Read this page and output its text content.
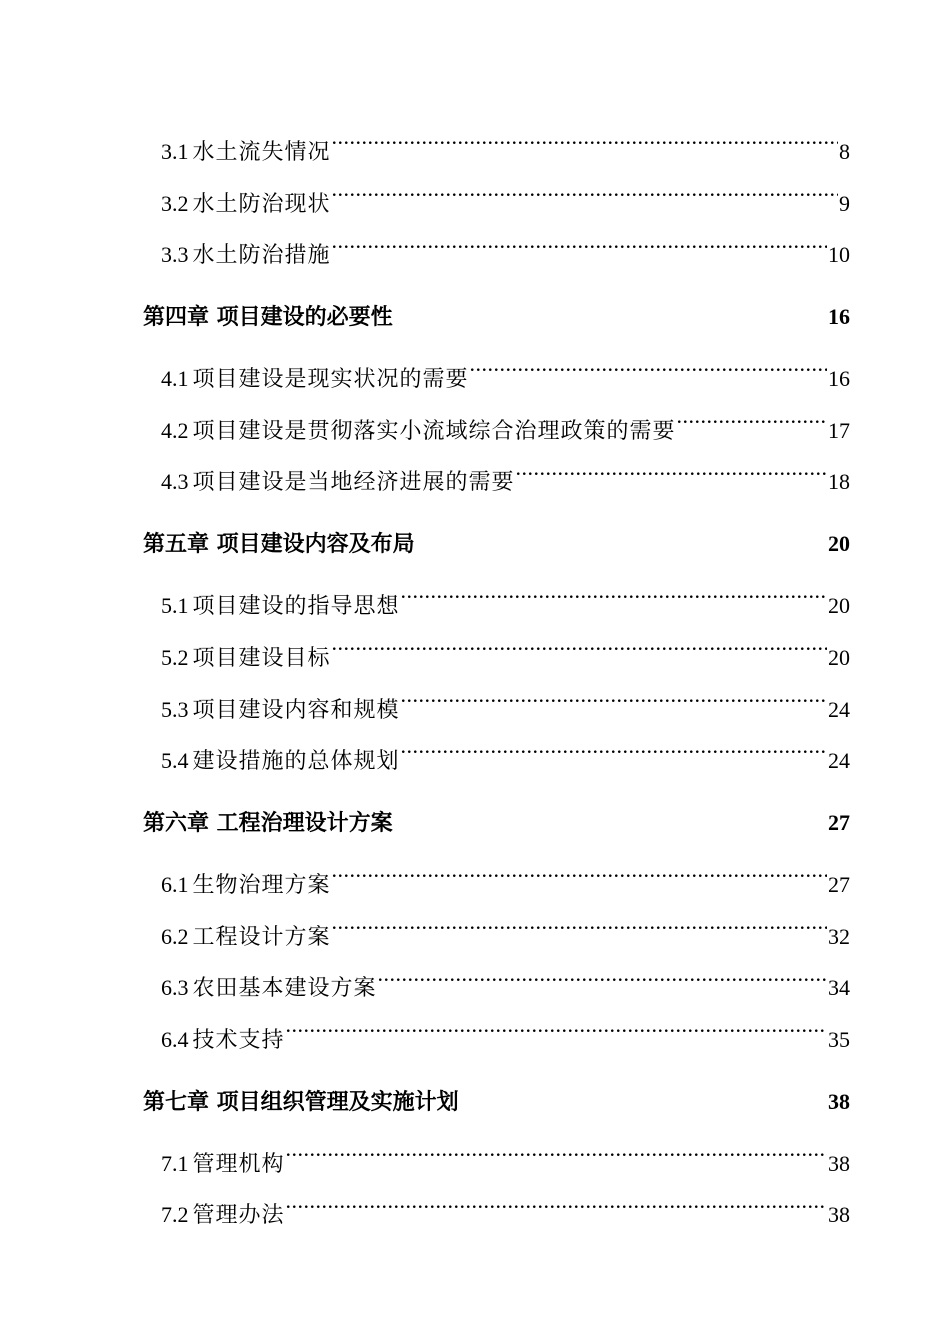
3.1 水土流失情况 .....	8
3.2 水土防治现状 .....	9
3.3 水土防治措施 .....	10
第四章 项目建设的必要性 .....	16
4.1 项目建设是现实状况的需要 .....	16
4.2 项目建设是贯彻落实小流域综合治理政策的需要 .....	17
4.3 项目建设是当地经济进展的需要 .....	18
第五章 项目建设内容及布局 .....	20
5.1 项目建设的指导思想 .....	20
5.2 项目建设目标 .....	20
5.3 项目建设内容和规模 .....	24
5.4 建设措施的总体规划 .....	24
第六章 工程治理设计方案 .....	27
6.1 生物治理方案 .....	27
6.2 工程设计方案 .....	32
6.3 农田基本建设方案 .....	34
6.4 技术支持 .....	35
第七章 项目组织管理及实施计划 .....	38
7.1 管理机构 .....	38
7.2 管理办法 .....	38
